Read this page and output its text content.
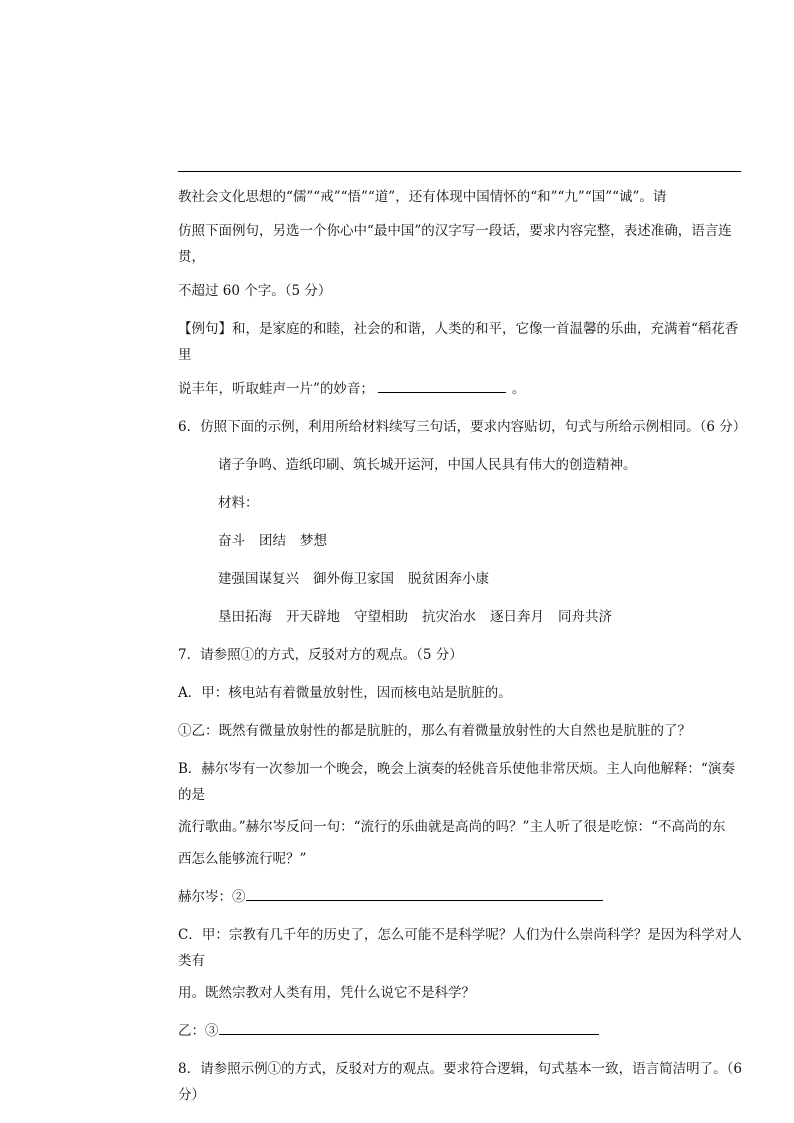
教社会文化思想的“儒”“戒”“悟”“道”，还有体现中国情怀的“和”“九”“国”“诚”。请

仿照下面例句，另选一个你心中“最中国”的汉字写一段话，要求内容完整，表述准确，语言连贯，

不超过 60 个字。（5 分）

【例句】和，是家庭的和睦，社会的和谐，人类的和平，它像一首温馨的乐曲，充满着“稻花香里

说丰年，听取蛙声一片”的妙音；	。

6．仿照下面的示例，利用所给材料续写三句话，要求内容贴切，句式与所给示例相同。（6 分）

诸子争鸣、造纸印刷、筑长城开运河，中国人民具有伟大的创造精神。

材料：

奋斗 团结 梦想

建强国谋复兴 御外侮卫家国 脱贫困奔小康

垦田拓海 开天辟地 守望相助 抗灾治水 逐日奔月 同舟共济

7．请参照①的方式，反驳对方的观点。（5 分）

A．甲：核电站有着微量放射性，因而核电站是肮脏的。

①乙：既然有微量放射性的都是肮脏的，那么有着微量放射性的大自然也是肮脏的了？

B．赫尔岑有一次参加一个晚会，晚会上演奏的轻佻音乐使他非常厌烦。主人向他解释：“演奏的是

流行歌曲。”赫尔岑反问一句：“流行的乐曲就是高尚的吗？”主人听了很是吃惊：“不高尚的东

西怎么能够流行呢？”

赫尔岑：②

C．甲：宗教有几千年的历史了，怎么可能不是科学呢？人们为什么崇尚科学？是因为科学对人类有

用。既然宗教对人类有用，凭什么说它不是科学？

乙：③

8．请参照示例①的方式，反驳对方的观点。要求符合逻辑，句式基本一致，语言简洁明了。（6 分）
